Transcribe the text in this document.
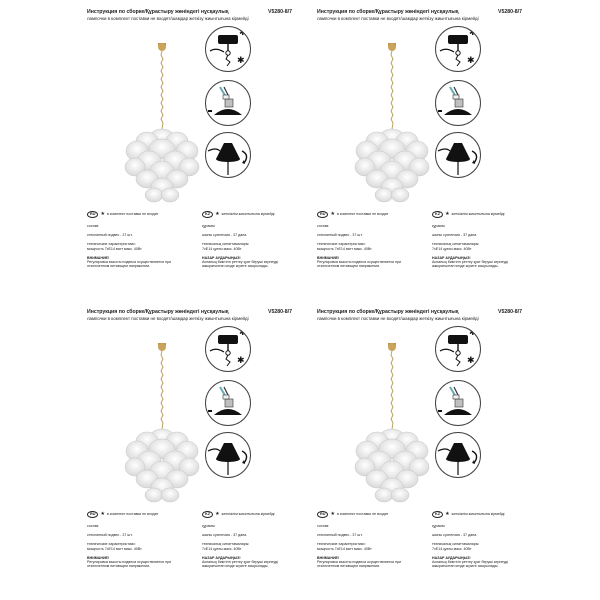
Инструкция по сборке/Құрастыру жөніндегі нұсқаулық	V5280-8/7
лампочки в комплект поставки не входят/шамдар жеткізу жиынтығына кірмейді
✱
✱
RU	★ в комплект поставки не входит
состав:
стеклянный подвес - 37 шт.
технические характеристики:
мощность 7хE14 ватт макс. 40Вт
ВНИМАНИЕ!
Регулировка высоты подвеса осуществляется при отключенном питающем напряжении.
KZ	★ жеткізілім жиынтығына кірмейді
құрамы:
шыны суспензия - 37 дана.
техникалық сипаттамалары:
7хE14 қуаты макс. 40Вт
НАЗАР АУДАРЫҢЫЗ!
Аспаның биіктігін реттеу қуат беруші кернеуді ажыратылған кезде жүзеге асырылады.
Инструкция по сборке/Құрастыру жөніндегі нұсқаулық	V5280-8/7
лампочки в комплект поставки не входят/шамдар жеткізу жиынтығына кірмейді
✱
✱
RU	★ в комплект поставки не входит
состав:
стеклянный подвес - 37 шт.
технические характеристики:
мощность 7хE14 ватт макс. 40Вт
ВНИМАНИЕ!
Регулировка высоты подвеса осуществляется при отключенном питающем напряжении.
KZ	★ жеткізілім жиынтығына кірмейді
құрамы:
шыны суспензия - 37 дана.
техникалық сипаттамалары:
7хE14 қуаты макс. 40Вт
НАЗАР АУДАРЫҢЫЗ!
Аспаның биіктігін реттеу қуат беруші кернеуді ажыратылған кезде жүзеге асырылады.
Инструкция по сборке/Құрастыру жөніндегі нұсқаулық	V5280-8/7
лампочки в комплект поставки не входят/шамдар жеткізу жиынтығына кірмейді
✱
✱
RU	★ в комплект поставки не входит
состав:
стеклянный подвес - 37 шт.
технические характеристики:
мощность 7хE14 ватт макс. 40Вт
ВНИМАНИЕ!
Регулировка высоты подвеса осуществляется при отключенном питающем напряжении.
KZ	★ жеткізілім жиынтығына кірмейді
құрамы:
шыны суспензия - 37 дана.
техникалық сипаттамалары:
7хE14 қуаты макс. 40Вт
НАЗАР АУДАРЫҢЫЗ!
Аспаның биіктігін реттеу қуат беруші кернеуді ажыратылған кезде жүзеге асырылады.
Инструкция по сборке/Құрастыру жөніндегі нұсқаулық	V5280-8/7
лампочки в комплект поставки не входят/шамдар жеткізу жиынтығына кірмейді
✱
✱
RU	★ в комплект поставки не входит
состав:
стеклянный подвес - 37 шт.
технические характеристики:
мощность 7хE14 ватт макс. 40Вт
ВНИМАНИЕ!
Регулировка высоты подвеса осуществляется при отключенном питающем напряжении.
KZ	★ жеткізілім жиынтығына кірмейді
құрамы:
шыны суспензия - 37 дана.
техникалық сипаттамалары:
7хE14 қуаты макс. 40Вт
НАЗАР АУДАРЫҢЫЗ!
Аспаның биіктігін реттеу қуат беруші кернеуді ажыратылған кезде жүзеге асырылады.
